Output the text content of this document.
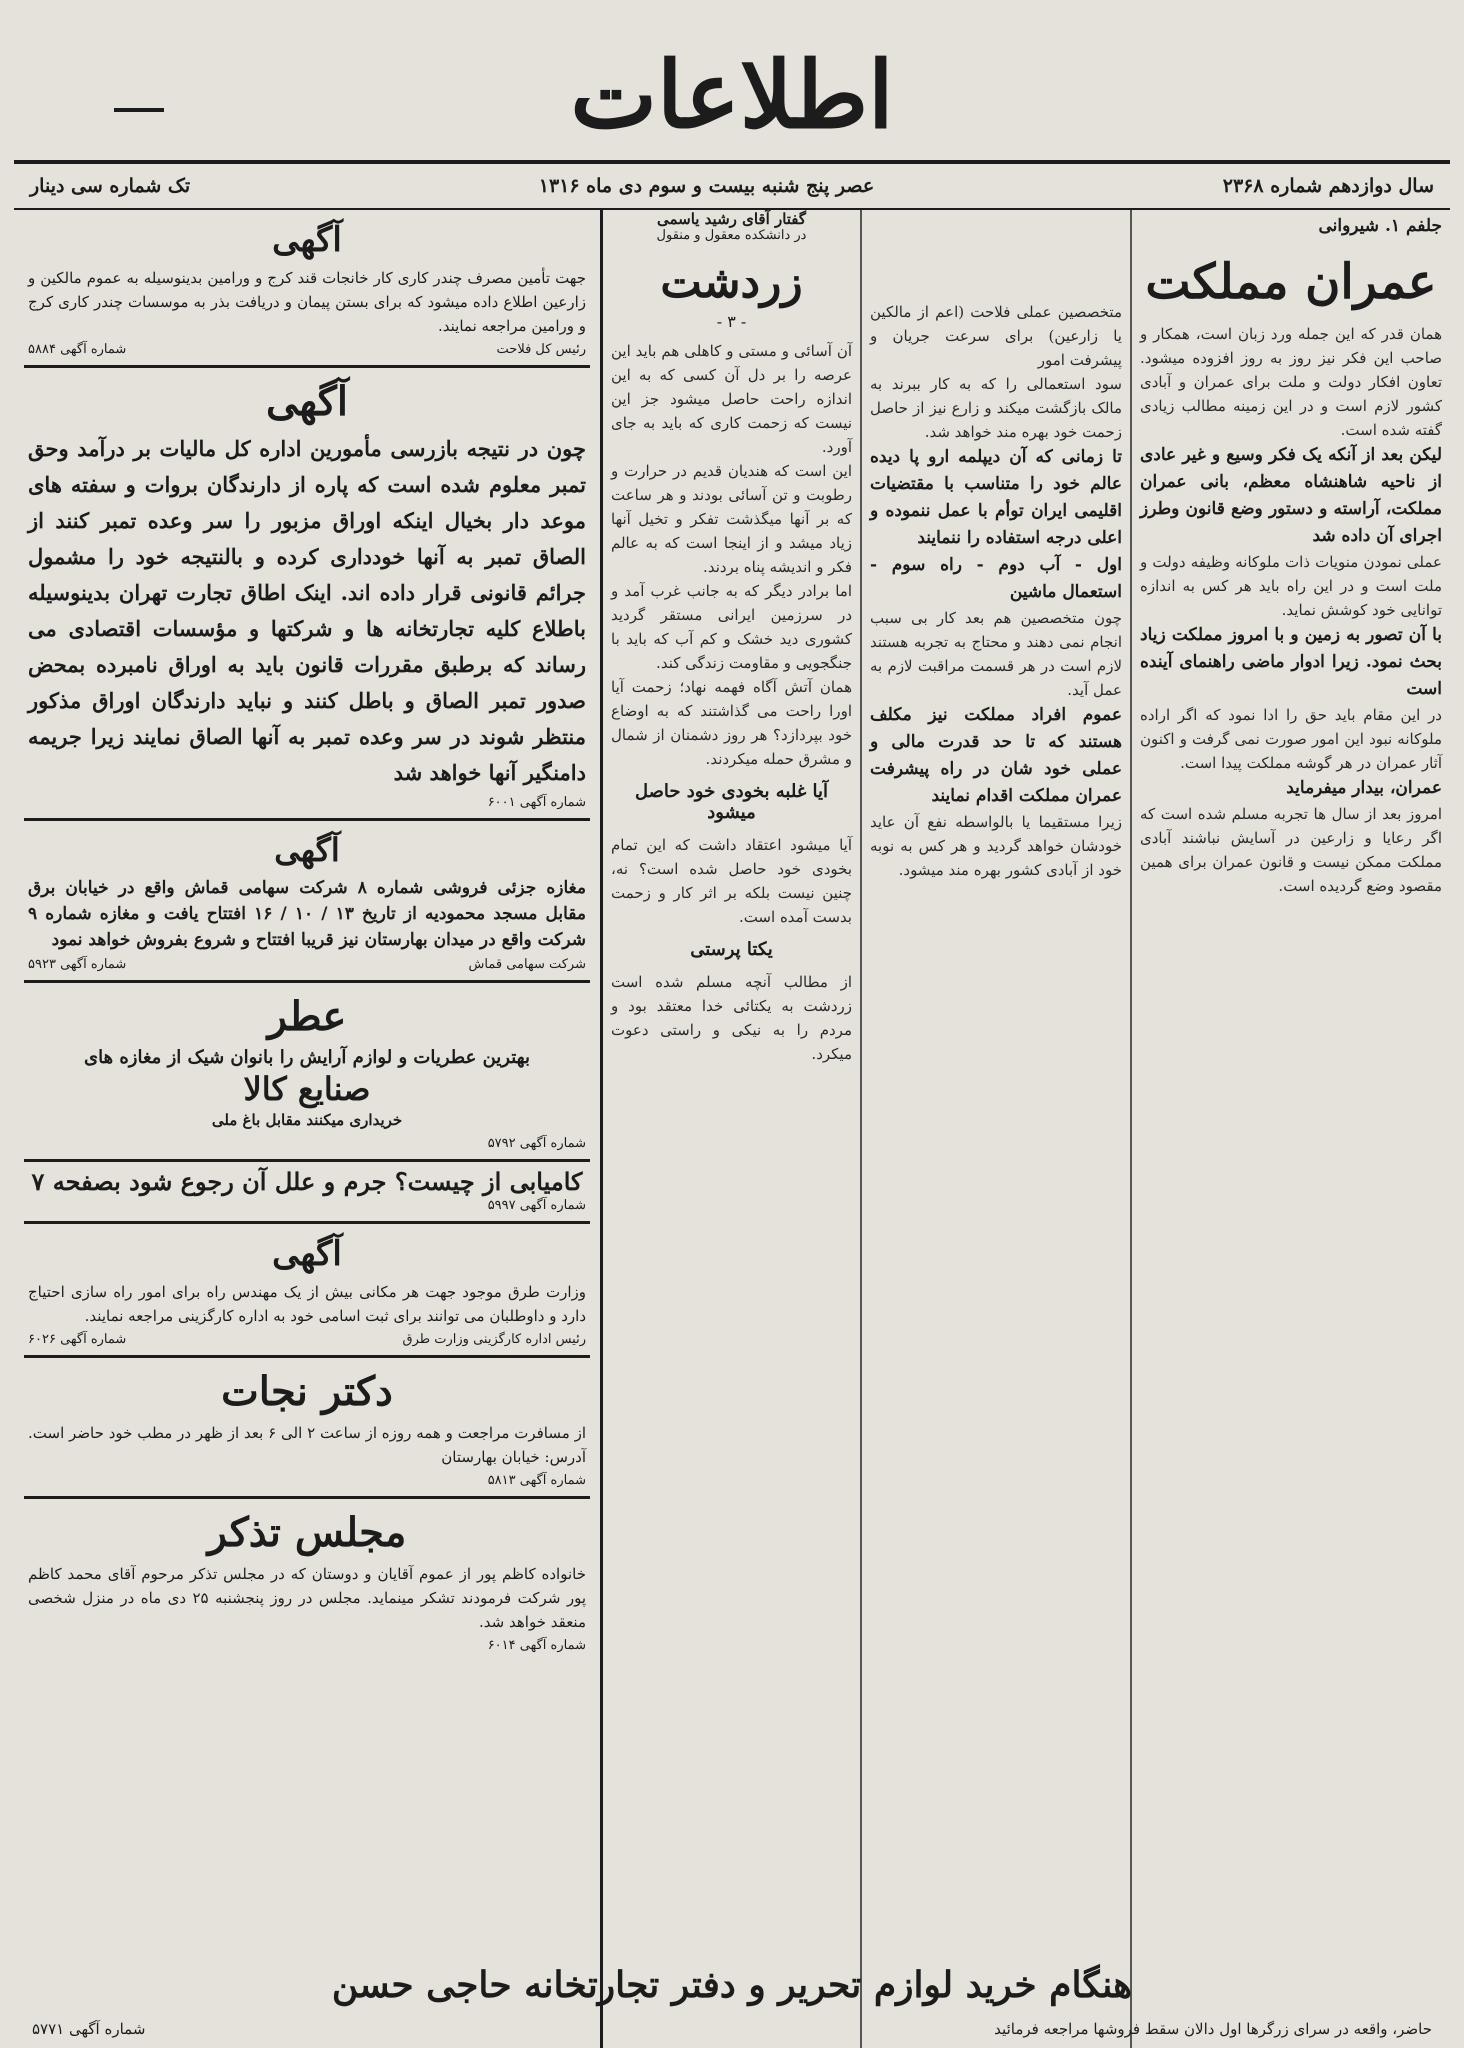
اطلاعات
سال دوازدهم شماره ۲۳۶۸
عصر پنج شنبه بیست و سوم دی ماه ۱۳۱۶
تک شماره سی دینار
جلفم ۱. شیروانی
عمران مملکت
همان قدر که این جمله ورد زبان است، همکار و صاحب این فکر نیز روز به روز افزوده میشود. تعاون افکار دولت و ملت برای عمران و آبادی کشور لازم است و در این زمینه مطالب زیادی گفته شده است.
لیکن بعد از آنکه یک فکر وسیع و غیر عادی از ناحیه شاهنشاه معظم، بانی عمران مملکت، آراسته و دستور وضع قانون وطرز اجرای آن داده شد
عملی نمودن منویات ذات ملوکانه وظیفه دولت و ملت است و در این راه باید هر کس به اندازه توانایی خود کوشش نماید.
با آن تصور به زمین و با امروز مملکت زیاد بحث نمود. زیرا ادوار ماضی راهنمای آینده است
در این مقام باید حق را ادا نمود که اگر اراده ملوکانه نبود این امور صورت نمی گرفت و اکنون آثار عمران در هر گوشه مملکت پیدا است.
عمران، بیدار میفرماید
امروز بعد از سال ها تجربه مسلم شده است که اگر رعایا و زارعین در آسایش نباشند آبادی مملکت ممکن نیست و قانون عمران برای همین مقصود وضع گردیده است.
متخصصین عملی فلاحت (اعم از مالکین یا زارعین) برای سرعت جریان و پیشرفت امور
سود استعمالی را که به کار ببرند به مالک بازگشت میکند و زارع نیز از حاصل زحمت خود بهره مند خواهد شد.
تا زمانی که آن دیپلمه ارو پا دیده عالم خود را متناسب با مقتضیات اقلیمی ایران توأم با عمل ننموده و اعلی درجه استفاده را ننمایند
اول - آب دوم - راه سوم - استعمال ماشین
چون متخصصین هم بعد کار بی سبب انجام نمی دهند و محتاج به تجربه هستند لازم است در هر قسمت مراقبت لازم به عمل آید.
عموم افراد مملکت نیز مکلف هستند که تا حد قدرت مالی و عملی خود شان در راه پیشرفت عمران مملکت اقدام نمایند
زیرا مستقیما یا بالواسطه نفع آن عاید خودشان خواهد گردید و هر کس به نوبه خود از آبادی کشور بهره مند میشود.
گفتار آقای رشید یاسمی
در دانشکده معقول و منقول
زردشت
- ۳ -
آن آسائی و مستی و کاهلی هم باید این عرصه را بر دل آن کسی که به این اندازه راحت حاصل میشود جز این نیست که زحمت کاری که باید به جای آورد.
این است که هندیان قدیم در حرارت و رطوبت و تن آسائی بودند و هر ساعت که بر آنها میگذشت تفکر و تخیل آنها زیاد میشد و از اینجا است که به عالم فکر و اندیشه پناه بردند.
اما برادر دیگر که به جانب غرب آمد و در سرزمین ایرانی مستقر گردید کشوری دید خشک و کم آب که باید با جنگجویی و مقاومت زندگی کند.
همان آتش آگاه فهمه نهاد؛ زحمت آیا اورا راحت می گذاشتند که به اوضاع خود بپردازد؟ هر روز دشمنان از شمال و مشرق حمله میکردند.
آیا غلبه بخودی خود حاصل میشود
آیا میشود اعتقاد داشت که این تمام بخودی خود حاصل شده است؟ نه، چنین نیست بلکه بر اثر کار و زحمت بدست آمده است.
یکتا پرستی
از مطالب آنچه مسلم شده است زردشت به یکتائی خدا معتقد بود و مردم را به نیکی و راستی دعوت میکرد.
آگهی
جهت تأمین مصرف چندر کاری کار خانجات قند کرج و ورامین بدینوسیله به عموم مالکین و زارعین اطلاع داده میشود که برای بستن پیمان و دریافت بذر به موسسات چندر کاری کرج و ورامین مراجعه نمایند.
رئیس کل فلاحت
شماره آگهی ۵۸۸۴
آگهی
چون در نتیجه بازرسی مأمورین اداره کل مالیات بر درآمد وحق تمبر معلوم شده است که پاره از دارندگان بروات و سفته های موعد دار بخیال اینکه اوراق مزبور را سر وعده تمبر کنند از الصاق تمبر به آنها خودداری کرده و بالنتیجه خود را مشمول جرائم قانونی قرار داده اند. اینک اطاق تجارت تهران بدینوسیله باطلاع کلیه تجارتخانه ها و شرکتها و مؤسسات اقتصادی می رساند که برطبق مقررات قانون باید به اوراق نامبرده بمحض صدور تمبر الصاق و باطل کنند و نباید دارندگان اوراق مذکور منتظر شوند در سر وعده تمبر به آنها الصاق نمایند زیرا جریمه دامنگیر آنها خواهد شد
شماره آگهی ۶۰۰۱
آگهی
مغازه جزئی فروشی شماره ۸ شرکت سهامی قماش واقع در خیابان برق مقابل مسجد محمودیه از تاریخ ۱۳ / ۱۰ / ۱۶ افتتاح یافت و مغازه شماره ۹ شرکت واقع در میدان بهارستان نیز قریبا افتتاح و شروع بفروش خواهد نمود
شرکت سهامی قماش
شماره آگهی ۵۹۲۳
عطر
بهترین عطریات و لوازم آرایش را بانوان شیک از مغازه های
صنایع کالا
خریداری میکنند مقابل باغ ملی
شماره آگهی ۵۷۹۲
کامیابی از چیست؟ جرم و علل آن رجوع شود بصفحه ۷
شماره آگهی ۵۹۹۷
آگهی
وزارت طرق موجود جهت هر مکانی بیش از یک مهندس راه برای امور راه سازی احتیاج دارد و داوطلبان می توانند برای ثبت اسامی خود به اداره کارگزینی مراجعه نمایند.
رئیس اداره کارگزینی وزارت طرق
شماره آگهی ۶۰۲۶
دکتر نجات
از مسافرت مراجعت و همه روزه از ساعت ۲ الی ۶ بعد از ظهر در مطب خود حاضر است. آدرس: خیابان بهارستان
شماره آگهی ۵۸۱۳
مجلس تذکر
خانواده کاظم پور از عموم آقایان و دوستان که در مجلس تذکر مرحوم آقای محمد کاظم پور شرکت فرمودند تشکر مینماید. مجلس در روز پنجشنبه ۲۵ دی ماه در منزل شخصی منعقد خواهد شد.
شماره آگهی ۶۰۱۴
هنگام خرید لوازم تحریر و دفتر تجارتخانه حاجی حسن
حاضر، واقعه در سرای زرگرها اول دالان سقط فروشها مراجعه فرمائید
شماره آگهی ۵۷۷۱
